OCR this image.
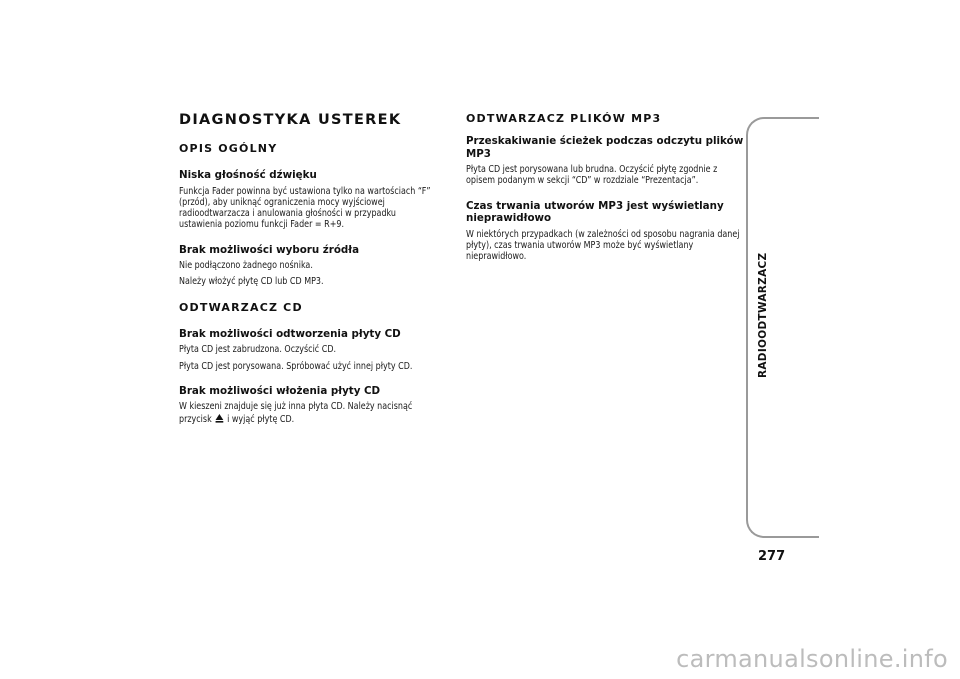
DIAGNOSTYKA USTEREK
OPIS OGÓLNY
Niska głośność dźwięku
Funkcja Fader powinna być ustawiona tylko na wartościach “F” (przód), aby uniknąć ograniczenia mocy wyjściowej radioodtwarzacza i anulowania głośności w przypadku ustawienia poziomu funkcji Fader = R+9.
Brak możliwości wyboru źródła
Nie podłączono żadnego nośnika.
Należy włożyć płytę CD lub CD MP3.
ODTWARZACZ CD
Brak możliwości odtworzenia płyty CD
Płyta CD jest zabrudzona. Oczyścić CD.
Płyta CD jest porysowana. Spróbować użyć innej płyty CD.
Brak możliwości włożenia płyty CD
W kieszeni znajduje się już inna płyta CD. Należy nacisnąć
przycisk i wyjąć płytę CD.
ODTWARZACZ PLIKÓW MP3
Przeskakiwanie ścieżek podczas odczytu plików MP3
Płyta CD jest porysowana lub brudna. Oczyścić płytę zgodnie z opisem podanym w sekcji “CD” w rozdziale “Prezentacja”.
Czas trwania utworów MP3 jest wyświetlany nieprawidłowo
W niektórych przypadkach (w zależności od sposobu nagrania danej płyty), czas trwania utworów MP3 może być wyświetlany nieprawidłowo.	RADIOODTWARZACZ
277
carmanualsonline.info
